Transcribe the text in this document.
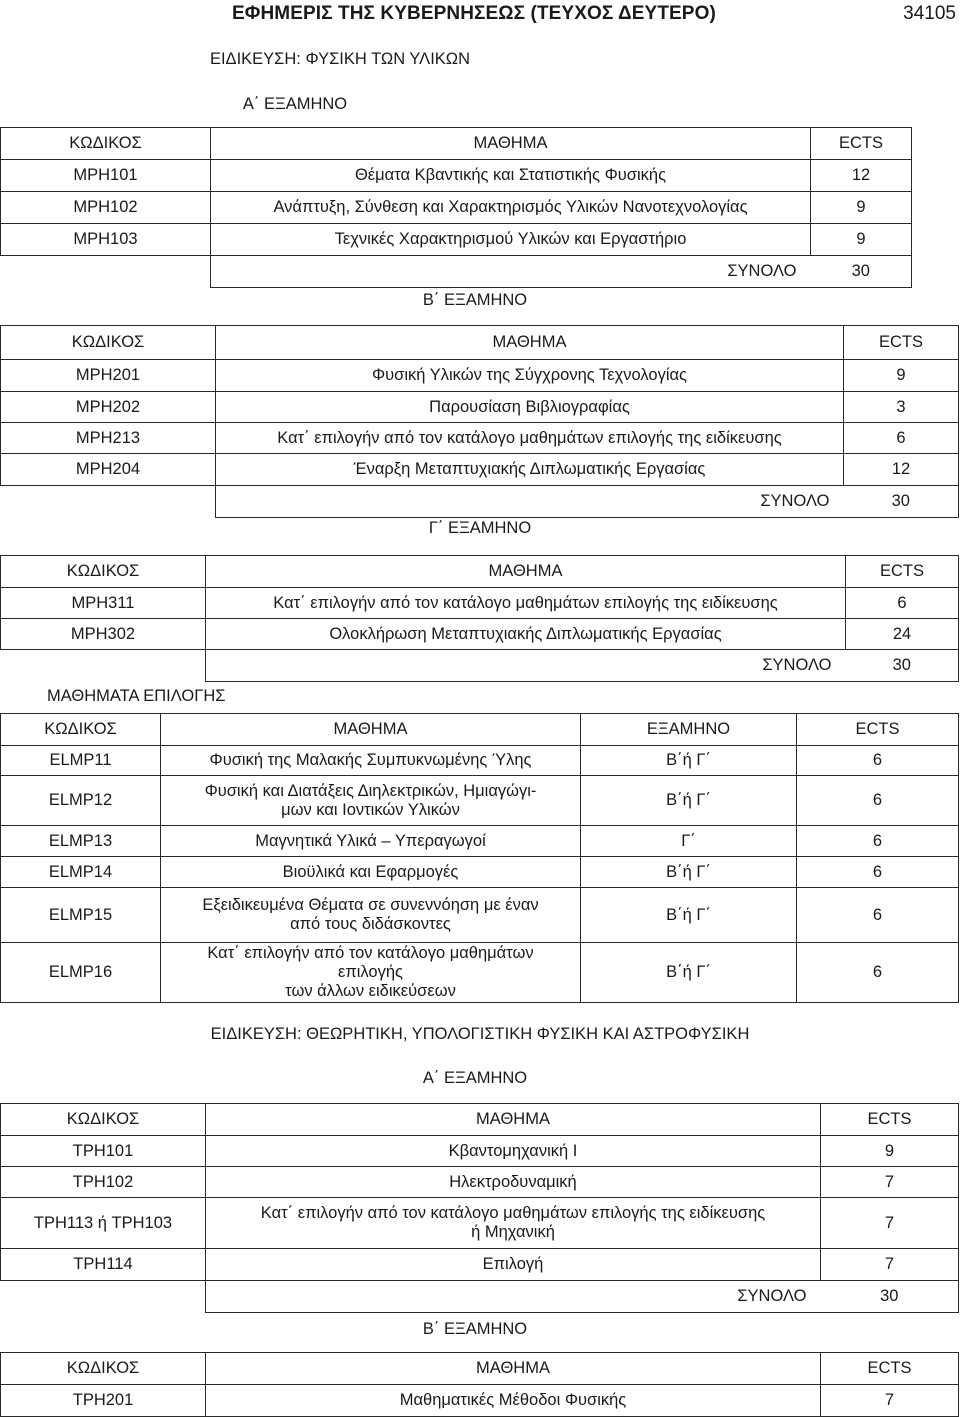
ΕΦΗΜΕΡΙΣ ΤΗΣ ΚΥΒΕΡΝΗΣΕΩΣ (ΤΕΥΧΟΣ ΔΕΥΤΕΡΟ)	34105
ΕΙΔΙΚΕΥΣΗ: ΦΥΣΙΚΗ ΤΩΝ ΥΛΙΚΩΝ
Α΄ ΕΞΑΜΗΝΟ
ΚΩΔΙΚΟΣ	ΜΑΘΗΜΑ	ECTS
MPH101	Θέματα Κβαντικής και Στατιστικής Φυσικής	12
MPH102	Ανάπτυξη, Σύνθεση και Χαρακτηρισμός Υλικών Νανοτεχνολογίας	9
MPH103	Τεχνικές Χαρακτηρισμού Υλικών και Εργαστήριο	9
	ΣΥΝΟΛΟ	30
Β΄ ΕΞΑΜΗΝΟ
ΚΩΔΙΚΟΣ	ΜΑΘΗΜΑ	ECTS
MPH201	Φυσική Υλικών της Σύγχρονης Τεχνολογίας	9
MPH202	Παρουσίαση Βιβλιογραφίας	3
MPH213	Κατ΄ επιλογήν από τον κατάλογο μαθημάτων επιλογής της ειδίκευσης	6
MPH204	Έναρξη Μεταπτυχιακής Διπλωματικής Εργασίας	12
	ΣΥΝΟΛΟ	30
Γ΄ ΕΞΑΜΗΝΟ
ΚΩΔΙΚΟΣ	ΜΑΘΗΜΑ	ECTS
MPH311	Κατ΄ επιλογήν από τον κατάλογο μαθημάτων επιλογής της ειδίκευσης	6
MPH302	Ολοκλήρωση Μεταπτυχιακής Διπλωματικής Εργασίας	24
	ΣΥΝΟΛΟ	30
ΜΑΘΗΜΑΤΑ ΕΠΙΛΟΓΗΣ
ΚΩΔΙΚΟΣ	ΜΑΘΗΜΑ	ΕΞΑΜΗΝΟ	ECTS
ELMP11	Φυσική της Μαλακής Συμπυκνωμένης Ύλης	Β΄ή Γ΄	6
ELMP12	Φυσική και Διατάξεις Διηλεκτρικών, Ημιαγώγι-
μων και Ιοντικών Υλικών	Β΄ή Γ΄	6
ELMP13	Μαγνητικά Υλικά – Υπεραγωγοί	Γ΄	6
ELMP14	Βιοϋλικά και Εφαρμογές	Β΄ή Γ΄	6
ELMP15	Εξειδικευμένα Θέματα σε συνεννόηση με έναν
από τους διδάσκοντες	Β΄ή Γ΄	6
ELMP16	Κατ΄ επιλογήν από τον κατάλογο μαθημάτων
επιλογής
των άλλων ειδικεύσεων	Β΄ή Γ΄	6
ΕΙΔΙΚΕΥΣΗ: ΘΕΩΡΗΤΙΚΗ, ΥΠΟΛΟΓΙΣΤΙΚΗ ΦΥΣΙΚΗ ΚΑΙ ΑΣΤΡΟΦΥΣΙΚΗ
Α΄ ΕΞΑΜΗΝΟ
ΚΩΔΙΚΟΣ	ΜΑΘΗΜΑ	ECTS
TPH101	Κβαντομηχανική Ι	9
TPH102	Ηλεκτροδυναμική	7
TPH113 ή TPH103	Κατ΄ επιλογήν από τον κατάλογο μαθημάτων επιλογής της ειδίκευσης
ή Μηχανική	7
TPH114	Επιλογή	7
	ΣΥΝΟΛΟ	30
Β΄ ΕΞΑΜΗΝΟ
ΚΩΔΙΚΟΣ	ΜΑΘΗΜΑ	ECTS
TPH201	Μαθηματικές Μέθοδοι Φυσικής	7
